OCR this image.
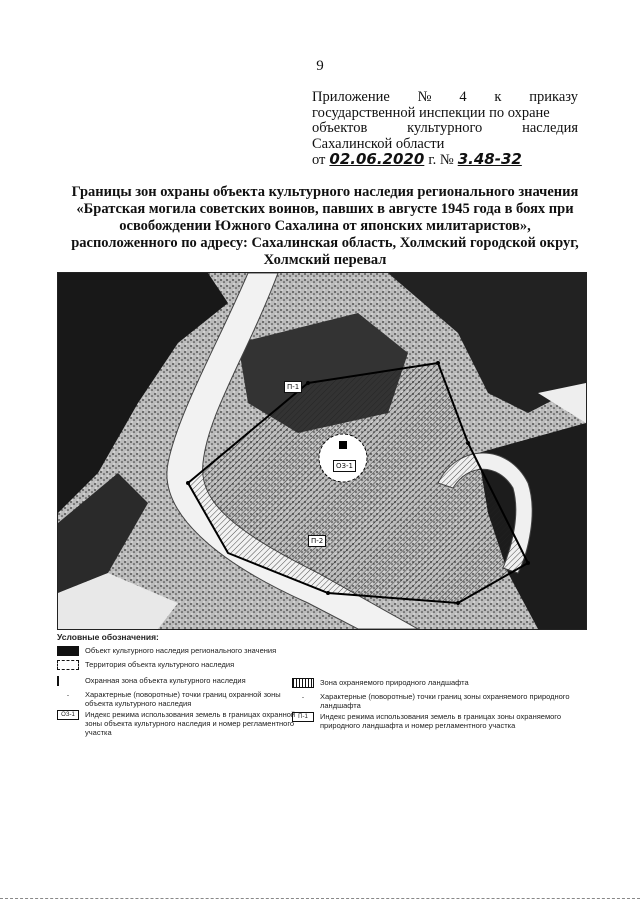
9
Приложение № 4 к приказу
государственной инспекции по охране
объектов	культурного	наследия
Сахалинской области
от 02.06.2020 г. № 3.48-32
Границы зон охраны объекта культурного наследия регионального значения «Братская могила советских воинов, павших в августе 1945 года в боях при освобождении Южного Сахалина от японских милитаристов», расположенного по адресу: Сахалинская область, Холмский городской округ, Холмский перевал
П-1
П-2
ОЗ-1
Условные обозначения:
Объект культурного наследия регионального значения
Территория объекта культурного наследия
Охранная зона объекта культурного наследия
·	Характерные (поворотные) точки границ охранной зоны объекта культурного наследия
ОЗ-1	Индекс режима использования земель в границах охранной зоны объекта культурного наследия и номер регламентного участка
Зона охраняемого природного ландшафта
·	Характерные (поворотные) точки границ зоны охраняемого природного ландшафта
П-1	Индекс режима использования земель в границах зоны охраняемого природного ландшафта и номер регламентного участка
